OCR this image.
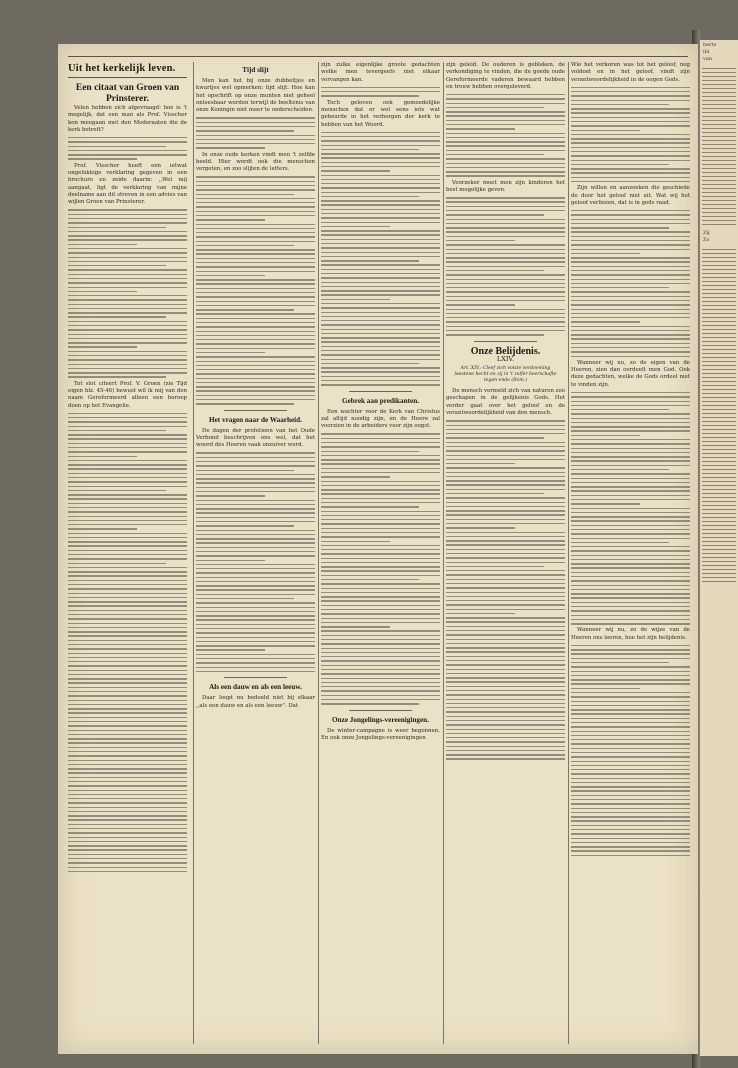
herts
ibi
van
Zij
Zo
Uit het kerkelijk leven.
Een citaat van Groen van
Prinsterer.

Velen hebben zich afgevraagd: hoe is 't mogelijk, dat een man als Prof. Visscher kon meegaan met den Moderaaten die de kerk betreft?

Prof. Visscher heeft een ietwat ongelukkige verklaring gegeven in een brochure en zeide daarin: ,,Wel mij aangaat, ligt de verklaring van mijne deelname aan dit streven in een advies van wijlen Groen van Prinsterer.

Tot slot citeert Prof. V. Groen (zie Tijd eigen blz. 45-46) bewust wil ik mij van den naam Gereformeerd alleen een beroep doen op het Evangelie.

Tijd slijt

Men kan het bij onze dubbeltjes en kwartjes wel opmerken: tijd slijt. Hoe kan het opschrift op onze munten niet geheel onleesbaar worden terwijl de beeltenis van onze Koningin niet meer te onderscheiden.

In onze oude kerken vindt men 't zelfde beeld. Hier wordt ook die menschen vergeten, en zoo slijten de letters.

Het vragen naar de Waarheid.

De dagen der profetieen van het Oude Verbond beschrijven ons wel, dat het woord des Heeren vaak onzuiver werd.

Als een dauw en als een leeuw.

Daar loopt nu bedoeld niet bij elkaar ,,als een dauw en als een leeuw". Dat

zijn zulke eigenlijke groote gedachten welke men tevergeefs niet elkaar vervangen kan.

Toch geloven ook gemoedelijke menschen dat er wel eens iets wat gebeurde in het verborgen der kerk te hebben van het Woord.

Gebrek aan predikanten.

Een wachter voor de Kerk van Christus zal altijd noodig zijn, en de Heere zal voorzien in de arbeiders voor zijn oogst.

Onze Jongelings-vereenigingen.

De winter-campagne is weer begonnen. En ook onze Jongelings-vereenigingen

zijn geleid. De ouderen is gebleken, de verkondiging te vinden, die de goede oude Gereformeerde vaderen bewaard hebben en trouw hebben overgeleverd.

Voorzeker moet men zijn kinderen het best mogelijke geven.

Onze Belijdenis.
LXIV.
Art. XIV.: Cleef zich volste verdoeming leestene hecht en zij in 't zelfer heerschafte tegen ende (Rom.)

De mensch vermeld zich van naturen zoo geschapen in de gelijkenis Gods. Het verder gaat over het geloof en de verantwoordelijkheid van den mensch.

Wie het verkoren was tot het geloof, nog voldoet en in het geloof, vindt zijn verantwoordelijkheid in de oogen Gods.

Zijn willen en aanzoeken die geschiede de door het geloof niet uit. Wat wij het geloof verliezen, dat is in gods raad.

Wanneer wij nu, zo de eigen van de Heeren, zien dan oordeelt men God. Ook deze gedachten, welke de Gods ordeel niet te vinden zijn.

Wanneer wij nu, zo de wijze van de Heeren ons leeren, hoe het zijn belijdenis.
